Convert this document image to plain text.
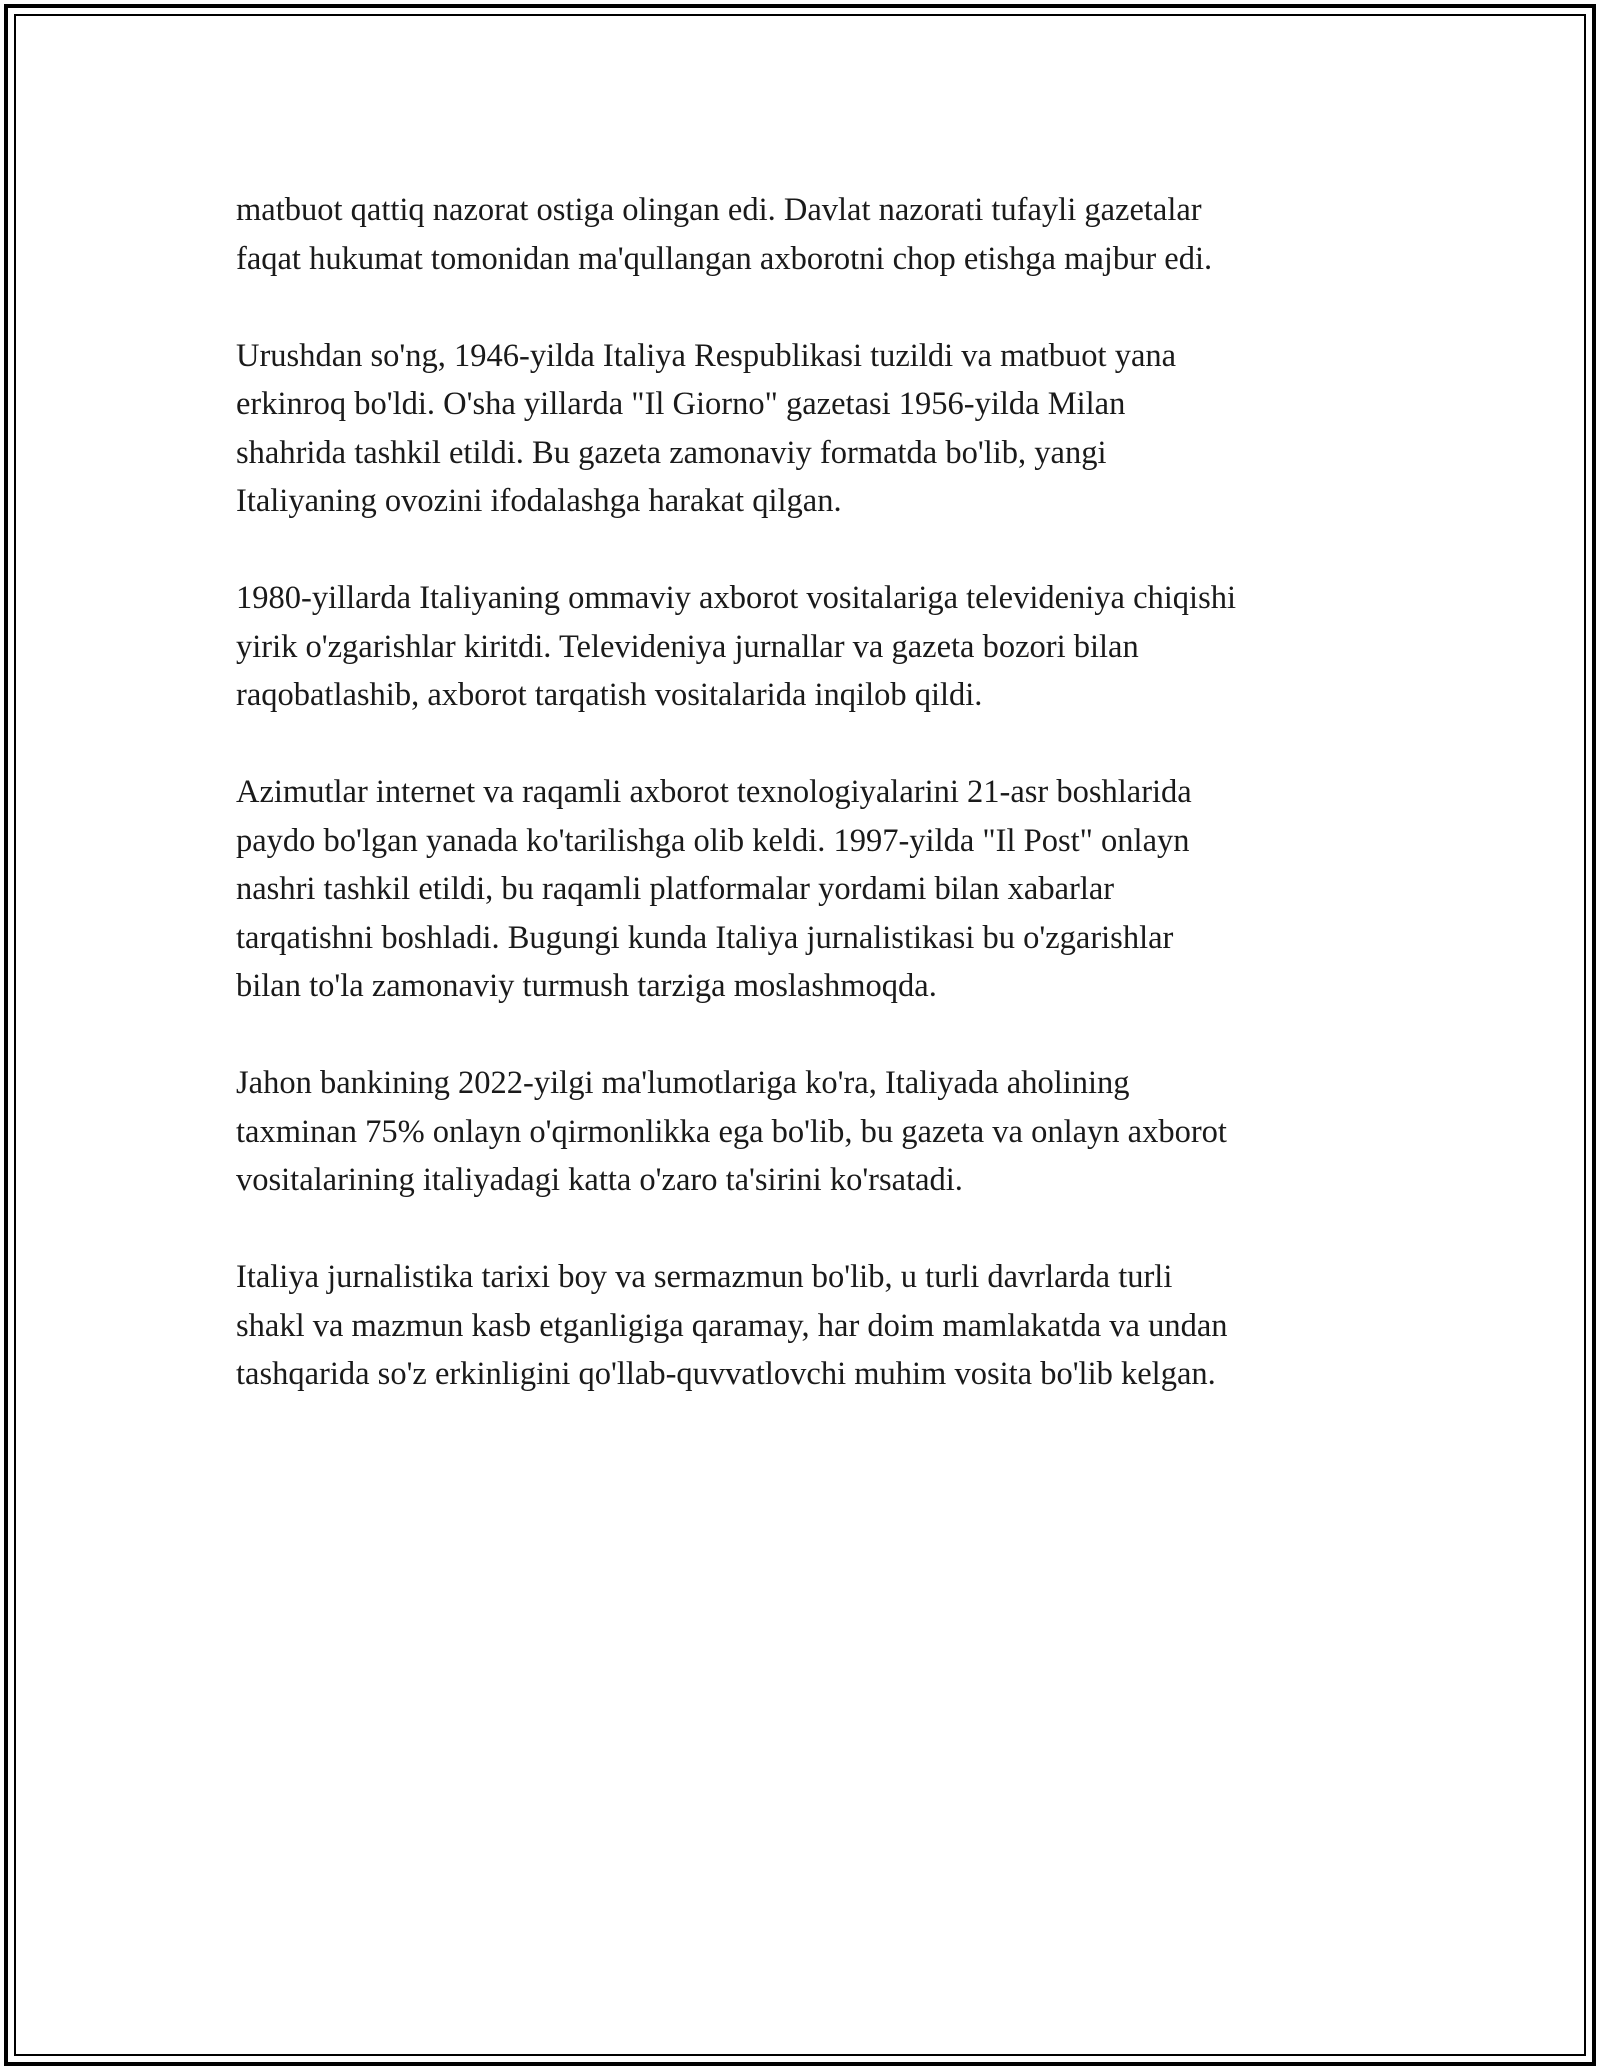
matbuot qattiq nazorat ostiga olingan edi. Davlat nazorati tufayli gazetalar
faqat hukumat tomonidan ma'qullangan axborotni chop etishga majbur edi.

Urushdan so'ng, 1946-yilda Italiya Respublikasi tuzildi va matbuot yana
erkinroq bo'ldi. O'sha yillarda "Il Giorno" gazetasi 1956-yilda Milan
shahrida tashkil etildi. Bu gazeta zamonaviy formatda bo'lib, yangi
Italiyaning ovozini ifodalashga harakat qilgan.

1980-yillarda Italiyaning ommaviy axborot vositalariga televideniya chiqishi
yirik o'zgarishlar kiritdi. Televideniya jurnallar va gazeta bozori bilan
raqobatlashib, axborot tarqatish vositalarida inqilob qildi.

Azimutlar internet va raqamli axborot texnologiyalarini 21-asr boshlarida
paydo bo'lgan yanada ko'tarilishga olib keldi. 1997-yilda "Il Post" onlayn
nashri tashkil etildi, bu raqamli platformalar yordami bilan xabarlar
tarqatishni boshladi. Bugungi kunda Italiya jurnalistikasi bu o'zgarishlar
bilan to'la zamonaviy turmush tarziga moslashmoqda.

Jahon bankining 2022-yilgi ma'lumotlariga ko'ra, Italiyada aholining
taxminan 75% onlayn o'qirmonlikka ega bo'lib, bu gazeta va onlayn axborot
vositalarining italiyadagi katta o'zaro ta'sirini ko'rsatadi.

Italiya jurnalistika tarixi boy va sermazmun bo'lib, u turli davrlarda turli
shakl va mazmun kasb etganligiga qaramay, har doim mamlakatda va undan
tashqarida so'z erkinligini qo'llab-quvvatlovchi muhim vosita bo'lib kelgan.
